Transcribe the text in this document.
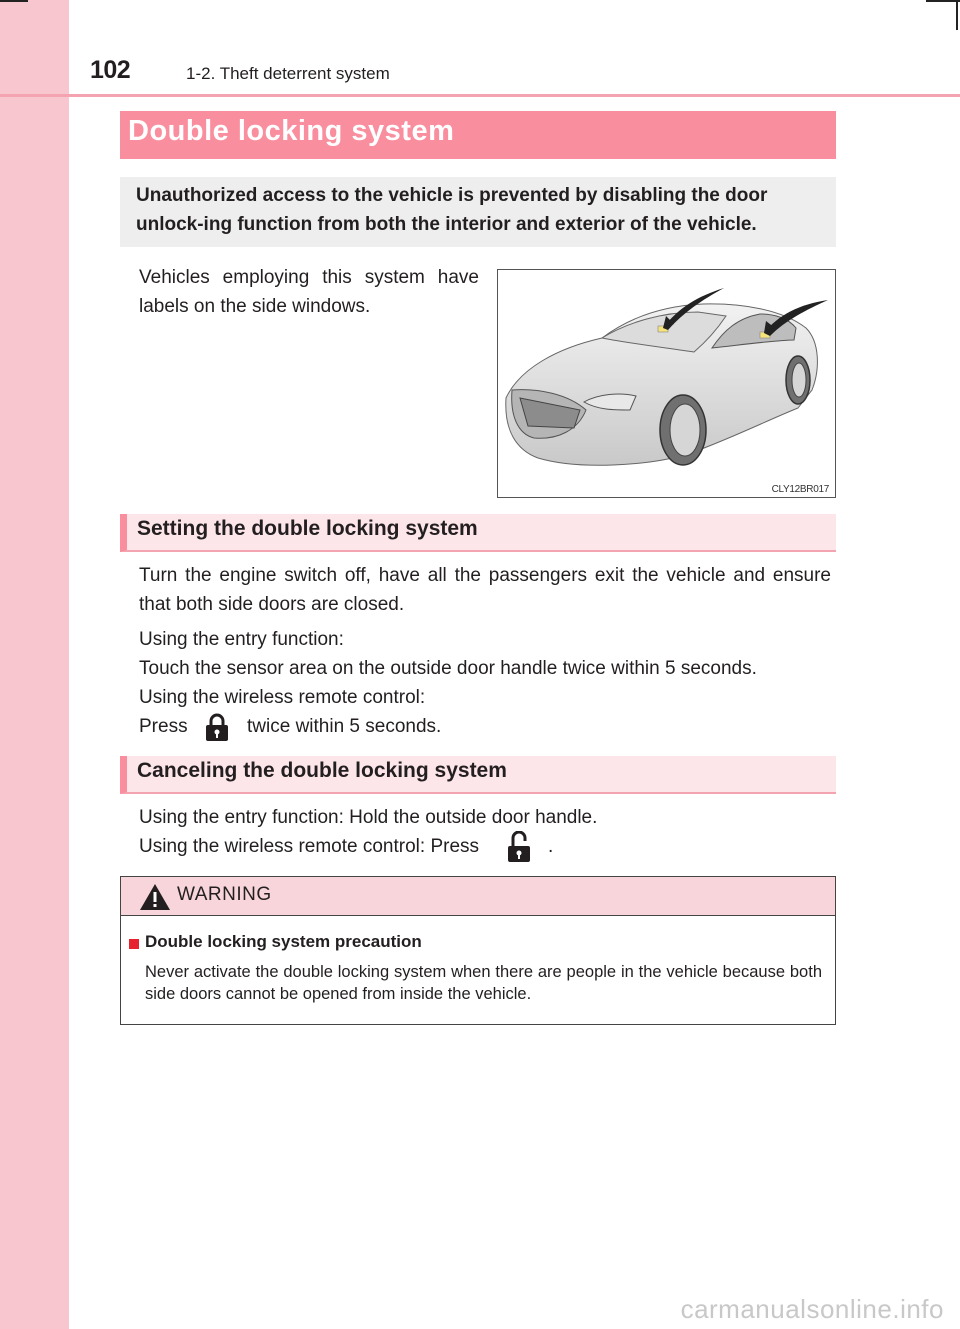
102	1-2. Theft deterrent system
Double locking system
Unauthorized access to the vehicle is prevented by disabling the door unlock-ing function from both the interior and exterior of the vehicle.
Vehicles employing this system have labels on the side windows.
CLY12BR017
Setting the double locking system
Turn the engine switch off, have all the passengers exit the vehicle and ensure that both side doors are closed.
Using the entry function:
Touch the sensor area on the outside door handle twice within 5 seconds.
Using the wireless remote control:
Press	twice within 5 seconds.
Canceling the double locking system
Using the entry function: Hold the outside door handle.
Using the wireless remote control: Press	.
WARNING
Double locking system precaution
Never activate the double locking system when there are people in the vehicle because both side doors cannot be opened from inside the vehicle.
carmanualsonline.info
